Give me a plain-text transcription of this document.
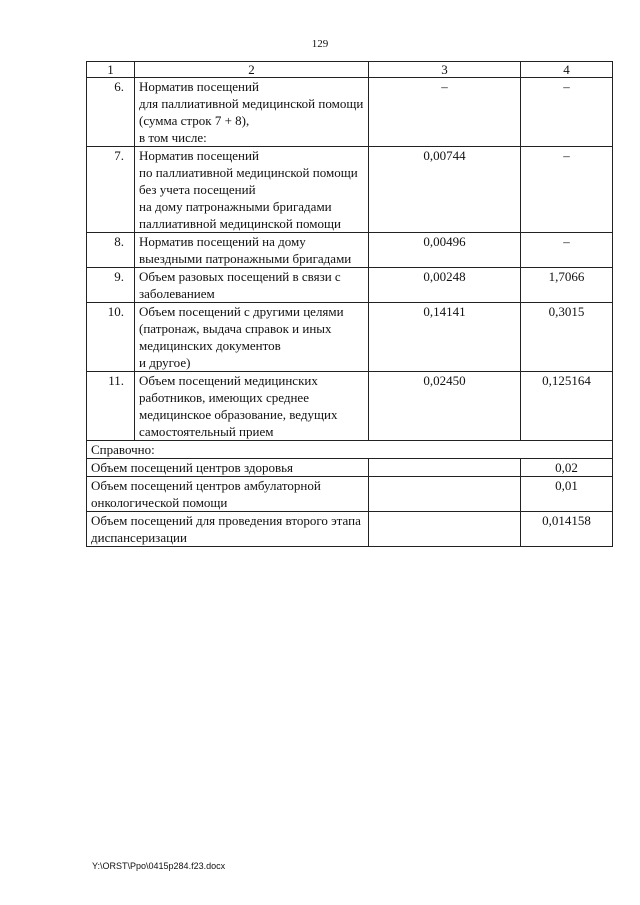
129
1	2	3	4
6.	Норматив посещений
для паллиативной медицинской помощи (сумма строк 7 + 8),
в том числе:	–	–
7.	Норматив посещений
по паллиативной медицинской помощи без учета посещений
на дому патронажными бригадами паллиативной медицинской помощи	0,00744	–
8.	Норматив посещений на дому выездными патронажными бригадами	0,00496	–
9.	Объем разовых посещений в связи с заболеванием	0,00248	1,7066
10.	Объем посещений с другими целями (патронаж, выдача справок и иных медицинских документов
и другое)	0,14141	0,3015
11.	Объем посещений медицинских работников, имеющих среднее медицинское образование, ведущих самостоятельный прием	0,02450	0,125164
Справочно:			
Объем посещений центров здоровья			0,02
Объем посещений центров амбулаторной онкологической помощи			0,01
Объем посещений для проведения второго этапа диспансеризации			0,014158
Y:\ORST\Ppo\0415p284.f23.docx
